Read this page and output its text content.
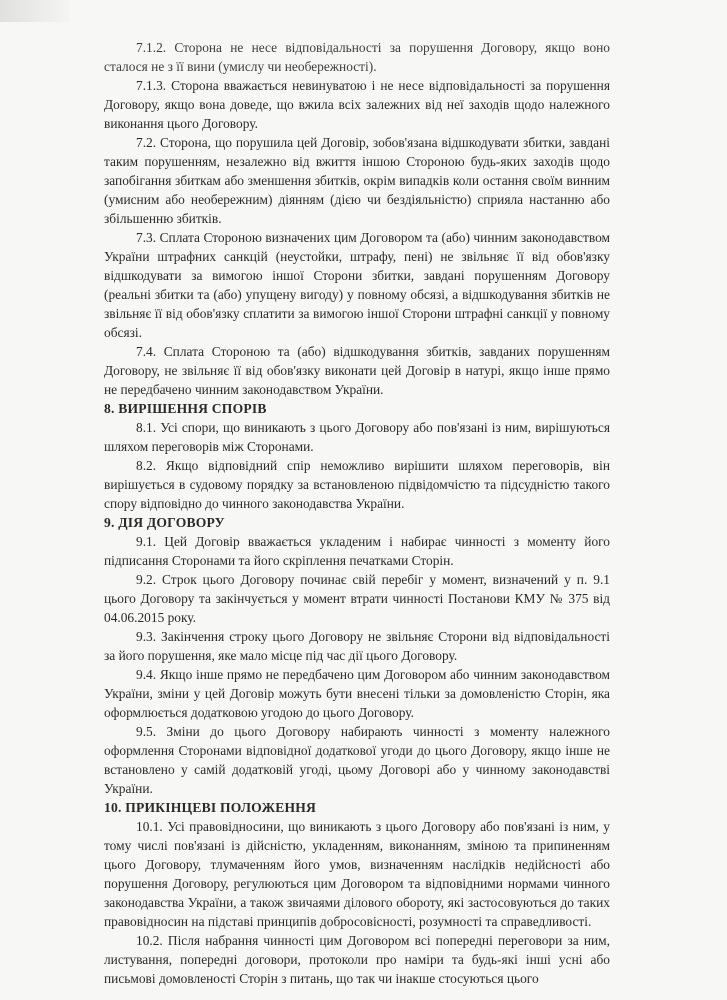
7.1.2. Сторона не несе відповідальності за порушення Договору, якщо воно сталося не з її вини (умислу чи необережності).

7.1.3. Сторона вважається невинуватою і не несе відповідальності за порушення Договору, якщо вона доведе, що вжила всіх залежних від неї заходів щодо належного виконання цього Договору.

7.2. Сторона, що порушила цей Договір, зобов'язана відшкодувати збитки, завдані таким порушенням, незалежно від вжиття іншою Стороною будь-яких заходів щодо запобігання збиткам або зменшення збитків, окрім випадків коли остання своїм винним (умисним або необережним) діянням (дією чи бездіяльністю) сприяла настанню або збільшенню збитків.

7.3. Сплата Стороною визначених цим Договором та (або) чинним законодавством України штрафних санкцій (неустойки, штрафу, пені) не звільняє її від обов'язку відшкодувати за вимогою іншої Сторони збитки, завдані порушенням Договору (реальні збитки та (або) упущену вигоду) у повному обсязі, а відшкодування збитків не звільняє її від обов'язку сплатити за вимогою іншої Сторони штрафні санкції у повному обсязі.

7.4. Сплата Стороною та (або) відшкодування збитків, завданих порушенням Договору, не звільняє її від обов'язку виконати цей Договір в натурі, якщо інше прямо не передбачено чинним законодавством України.

8. ВИРІШЕННЯ СПОРІВ

8.1. Усі спори, що виникають з цього Договору або пов'язані із ним, вирішуються шляхом переговорів між Сторонами.

8.2. Якщо відповідний спір неможливо вирішити шляхом переговорів, він вирішується в судовому порядку за встановленою підвідомчістю та підсудністю такого спору відповідно до чинного законодавства України.

9. ДІЯ ДОГОВОРУ

9.1. Цей Договір вважається укладеним і набирає чинності з моменту його підписання Сторонами та його скріплення печатками Сторін.

9.2. Строк цього Договору починає свій перебіг у момент, визначений у п. 9.1 цього Договору та закінчується у момент втрати чинності Постанови КМУ № 375 від 04.06.2015 року.

9.3. Закінчення строку цього Договору не звільняє Сторони від відповідальності за його порушення, яке мало місце під час дії цього Договору.

9.4. Якщо інше прямо не передбачено цим Договором або чинним законодавством України, зміни у цей Договір можуть бути внесені тільки за домовленістю Сторін, яка оформлюється додатковою угодою до цього Договору.

9.5. Зміни до цього Договору набирають чинності з моменту належного оформлення Сторонами відповідної додаткової угоди до цього Договору, якщо інше не встановлено у самій додатковій угоді, цьому Договорі або у чинному законодавстві України.

10. ПРИКІНЦЕВІ ПОЛОЖЕННЯ

10.1. Усі правовідносини, що виникають з цього Договору або пов'язані із ним, у тому числі пов'язані із дійсністю, укладенням, виконанням, зміною та припиненням цього Договору, тлумаченням його умов, визначенням наслідків недійсності або порушення Договору, регулюються цим Договором та відповідними нормами чинного законодавства України, а також звичаями ділового обороту, які застосовуються до таких правовідносин на підставі принципів добросовісності, розумності та справедливості.

10.2. Після набрання чинності цим Договором всі попередні переговори за ним, листування, попередні договори, протоколи про наміри та будь-які інші усні або письмові домовленості Сторін з питань, що так чи інакше стосуються цього
